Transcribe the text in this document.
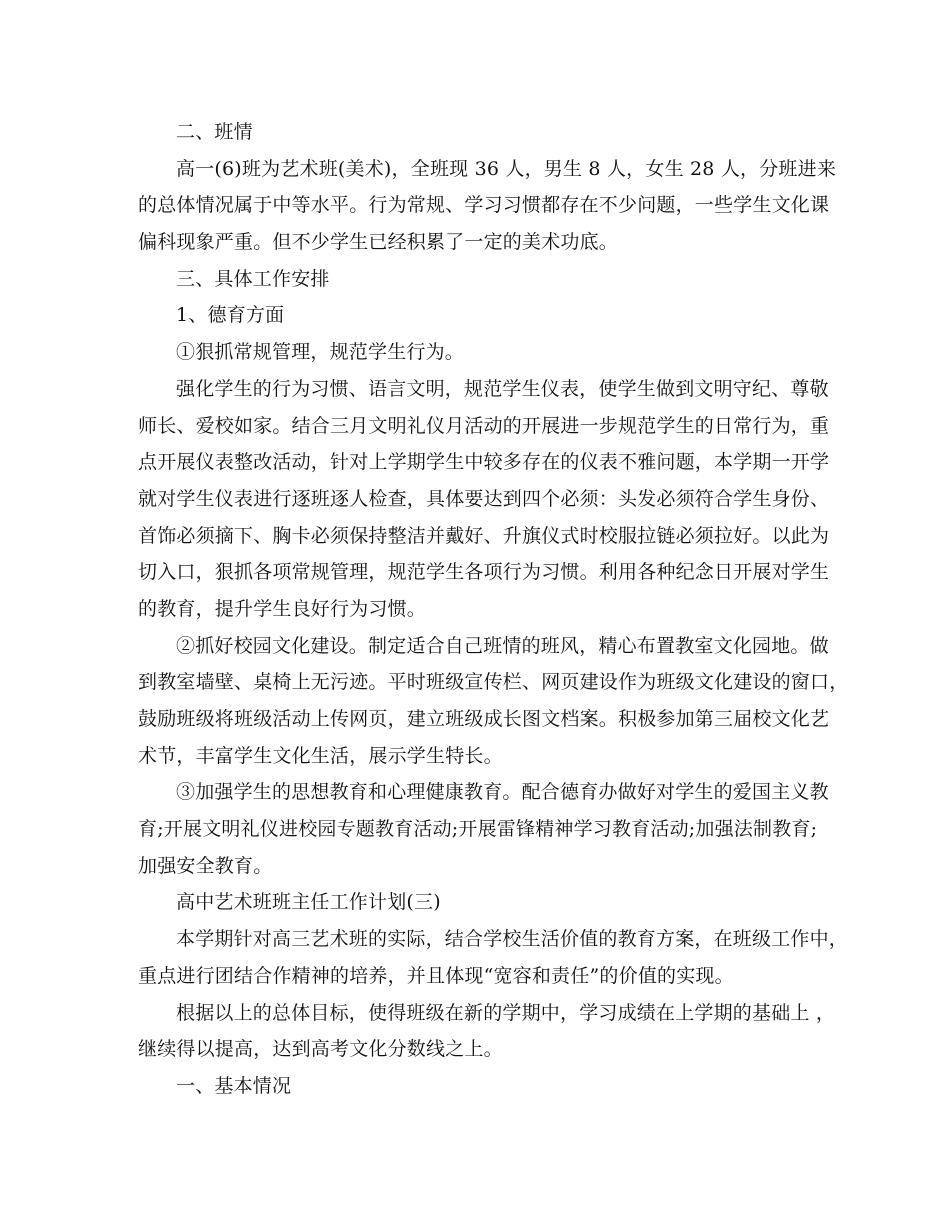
二、班情
高一(6)班为艺术班(美术)，全班现 36 人，男生 8 人，女生 28 人，分班进来
的总体情况属于中等水平。行为常规、学习习惯都存在不少问题，一些学生文化课
偏科现象严重。但不少学生已经积累了一定的美术功底。
三、具体工作安排
1、德育方面
①狠抓常规管理，规范学生行为。
强化学生的行为习惯、语言文明，规范学生仪表，使学生做到文明守纪、尊敬
师长、爱校如家。结合三月文明礼仪月活动的开展进一步规范学生的日常行为，重
点开展仪表整改活动，针对上学期学生中较多存在的仪表不雅问题，本学期一开学
就对学生仪表进行逐班逐人检查，具体要达到四个必须：头发必须符合学生身份、
首饰必须摘下、胸卡必须保持整洁并戴好、升旗仪式时校服拉链必须拉好。以此为
切入口，狠抓各项常规管理，规范学生各项行为习惯。利用各种纪念日开展对学生
的教育，提升学生良好行为习惯。
②抓好校园文化建设。制定适合自己班情的班风，精心布置教室文化园地。做
到教室墙壁、桌椅上无污迹。平时班级宣传栏、网页建设作为班级文化建设的窗口，
鼓励班级将班级活动上传网页，建立班级成长图文档案。积极参加第三届校文化艺
术节，丰富学生文化生活，展示学生特长。
③加强学生的思想教育和心理健康教育。配合德育办做好对学生的爱国主义教
育;开展文明礼仪进校园专题教育活动;开展雷锋精神学习教育活动;加强法制教育;
加强安全教育。
高中艺术班班主任工作计划(三)
本学期针对高三艺术班的实际，结合学校生活价值的教育方案，在班级工作中，
重点进行团结合作精神的培养，并且体现“宽容和责任”的价值的实现。
根据以上的总体目标，使得班级在新的学期中，学习成绩在上学期的基础上 ，
继续得以提高，达到高考文化分数线之上。
一、基本情况
